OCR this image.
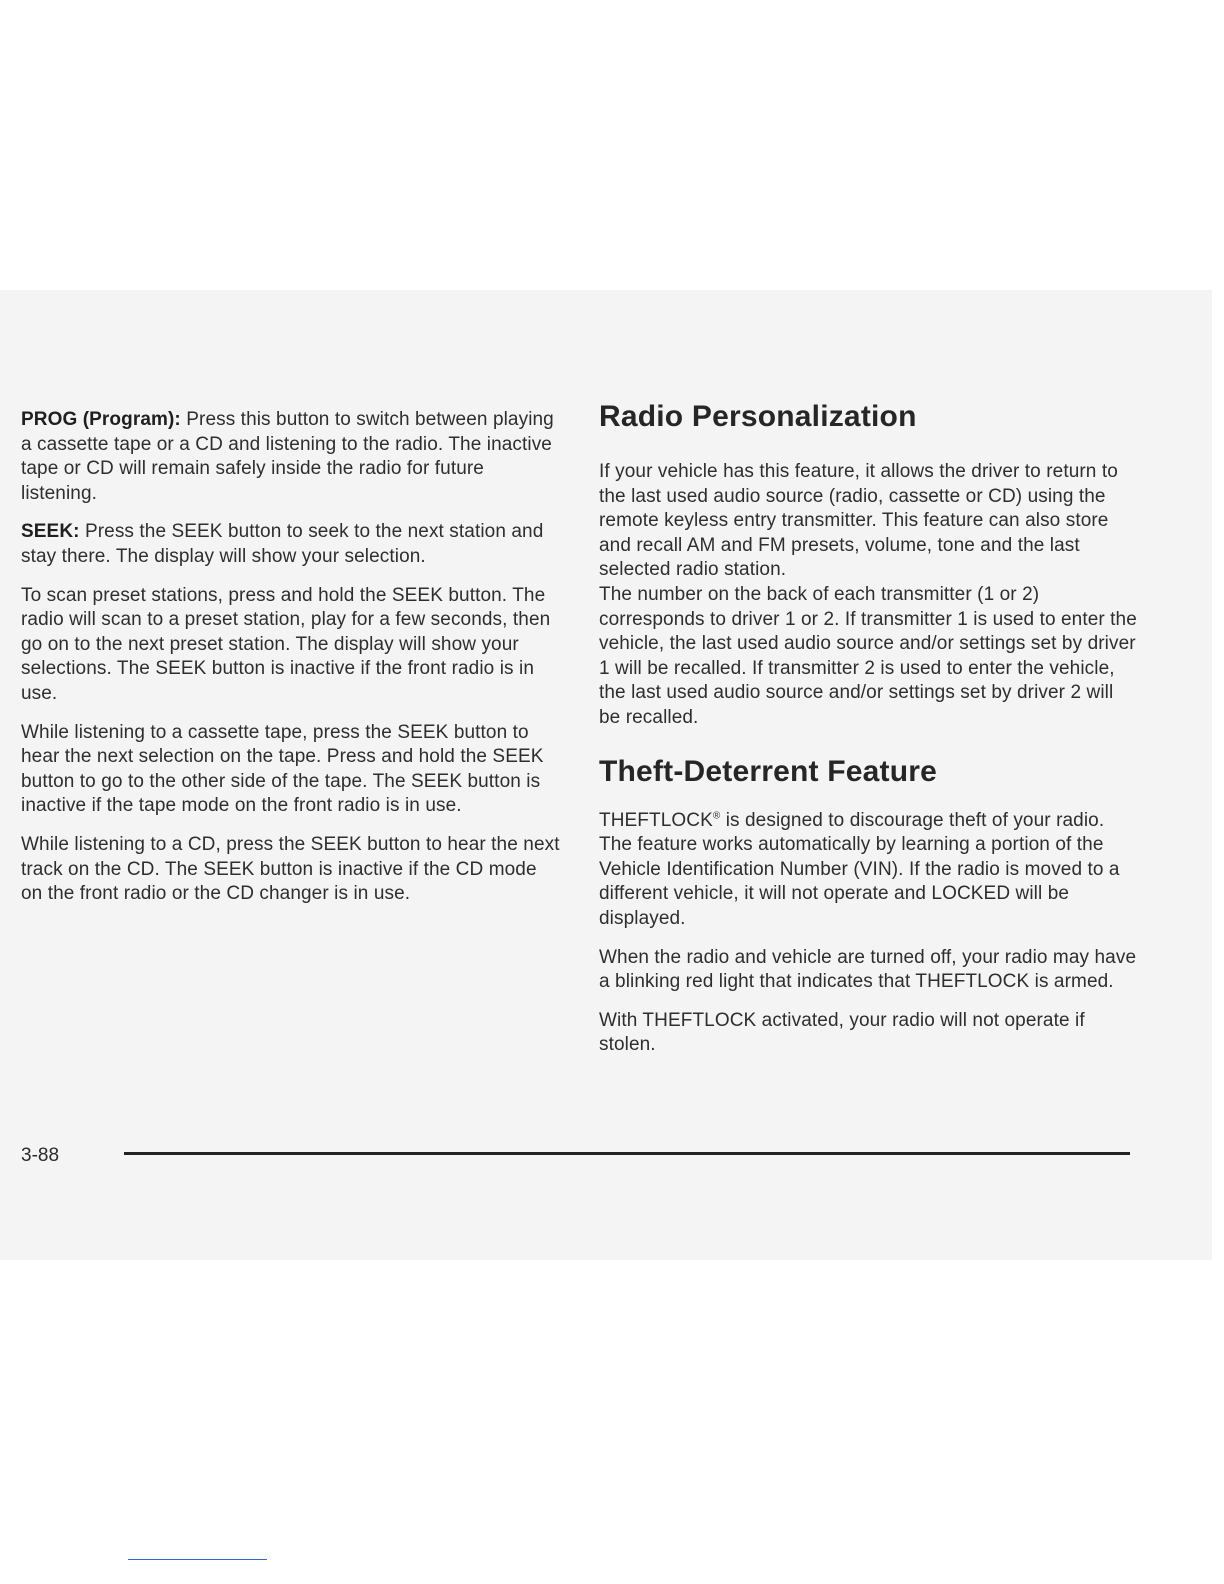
PROG (Program): Press this button to switch between playing a cassette tape or a CD and listening to the radio. The inactive tape or CD will remain safely inside the radio for future listening.

SEEK: Press the SEEK button to seek to the next station and stay there. The display will show your selection.

To scan preset stations, press and hold the SEEK button. The radio will scan to a preset station, play for a few seconds, then go on to the next preset station. The display will show your selections. The SEEK button is inactive if the front radio is in use.

While listening to a cassette tape, press the SEEK button to hear the next selection on the tape. Press and hold the SEEK button to go to the other side of the tape. The SEEK button is inactive if the tape mode on the front radio is in use.

While listening to a CD, press the SEEK button to hear the next track on the CD. The SEEK button is inactive if the CD mode on the front radio or the CD changer is in use.

Radio Personalization

If your vehicle has this feature, it allows the driver to return to the last used audio source (radio, cassette or CD) using the remote keyless entry transmitter. This feature can also store and recall AM and FM presets, volume, tone and the last selected radio station.

The number on the back of each transmitter (1 or 2) corresponds to driver 1 or 2. If transmitter 1 is used to enter the vehicle, the last used audio source and/or settings set by driver 1 will be recalled. If transmitter 2 is used to enter the vehicle, the last used audio source and/or settings set by driver 2 will be recalled.

Theft-Deterrent Feature

THEFTLOCK® is designed to discourage theft of your radio. The feature works automatically by learning a portion of the Vehicle Identification Number (VIN). If the radio is moved to a different vehicle, it will not operate and LOCKED will be displayed.

When the radio and vehicle are turned off, your radio may have a blinking red light that indicates that THEFTLOCK is armed.

With THEFTLOCK activated, your radio will not operate if stolen.

3-88
